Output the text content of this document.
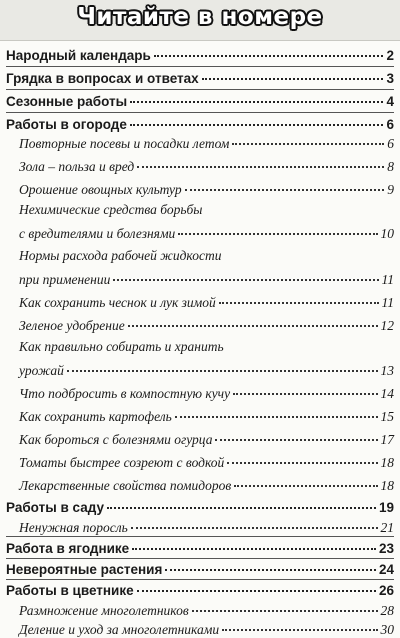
Читайте в номере
Народный календарь	2
Грядка в вопросах и ответах	3
Сезонные работы	4
Работы в огороде	6
Повторные посевы и посадки летом	6
Зола – польза и вред	8
Орошение овощных культур	9
Нехимические средства борьбы
с вредителями и болезнями	10
Нормы расхода рабочей жидкости
при применении	11
Как сохранить чеснок и лук зимой	11
Зеленое удобрение	12
Как правильно собирать и хранить
урожай	13
Что подбросить в компостную кучу	14
Как сохранить картофель	15
Как бороться с болезнями огурца	17
Томаты быстрее созреют с водкой	18
Лекарственные свойства помидоров	18
Работы в саду	19
Ненужная поросль	21
Работа в ягоднике	23
Невероятные растения	24
Работы в цветнике	26
Размножение многолетников	28
Деление и уход за многолетниками	30
